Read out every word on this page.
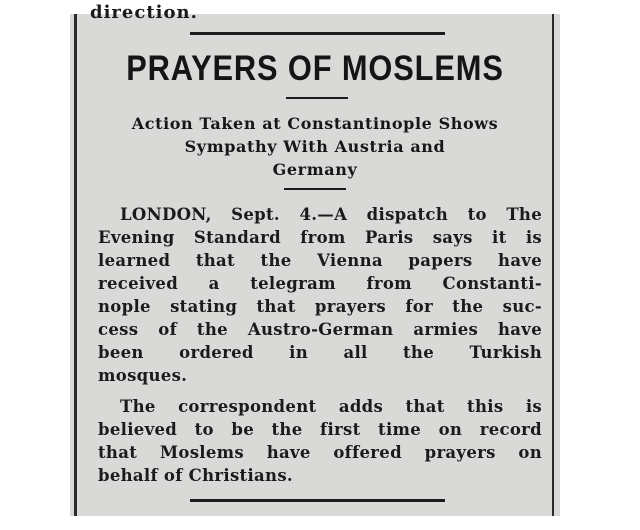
direction.
PRAYERS OF MOSLEMS
Action Taken at Constantinople Shows
Sympathy With Austria and
Germany
LONDON, Sept. 4.—A dispatch to The
Evening Standard from Paris says it is
learned that the Vienna papers have
received a telegram from Constanti-
nople stating that prayers for the suc-
cess of the Austro-German armies have
been ordered in all the Turkish
mosques.
The correspondent adds that this is
believed to be the first time on record
that Moslems have offered prayers on
behalf of Christians.
